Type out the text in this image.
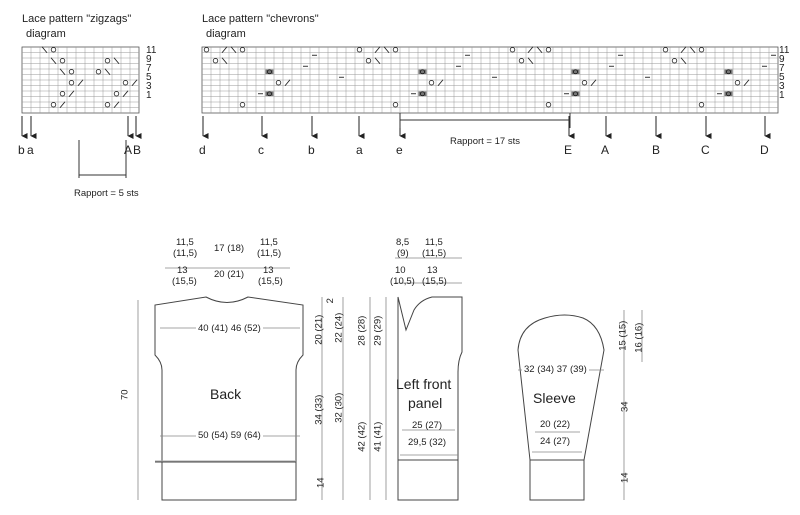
Lace pattern "zigzags"
diagram
11
9
7
5
3
1
Lace pattern "chevrons"
diagram
11
9
7
5
3
1
b a	A B
Rapport = 5 sts
d	c	b	a	e	E A	B	C	D
Rapport = 17 sts
11,5
(11,5) 17 (18)
11,5
(11,5)
13
(15,5)
20 (21) 13
(15,5)
40 (41) 46 (52)
Back
50 (54) 59 (64)
70
20 (21)
34 (33)
14
2
22 (24)
32 (30)
8,5
(9)
11,5
(11,5)
10
(10,5)
13
(15,5)
28 (28) 29 (29)
42 (42) 41 (41)
Left front
panel
25 (27)
29,5 (32)
32 (34) 37 (39)
Sleeve
20 (22)
24 (27)
15 (15) 16 (16)
34
14
